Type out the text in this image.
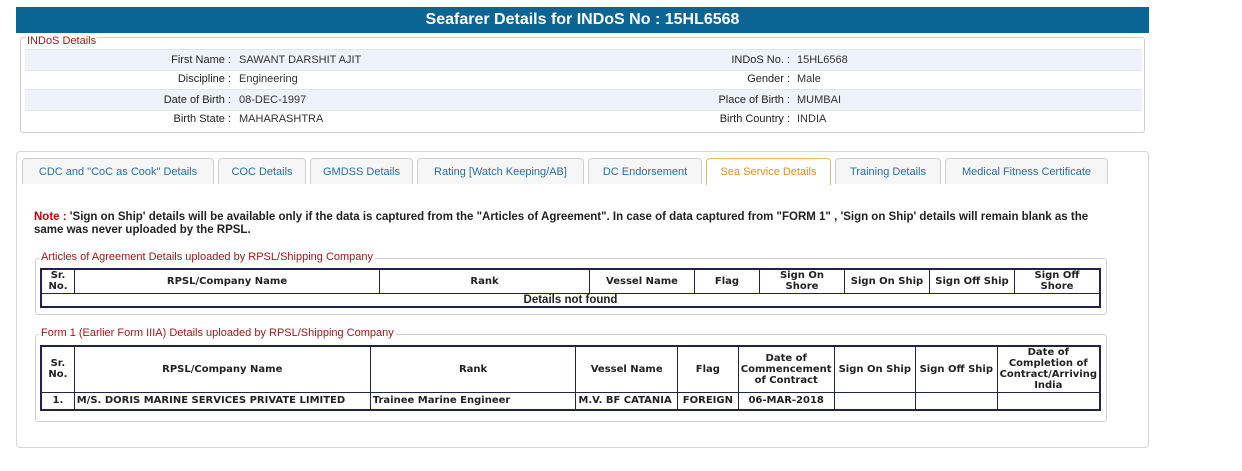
Seafarer Details for INDoS No : 15HL6568
INDoS Details
First Name : SAWANT DARSHIT AJIT	INDoS No. : 15HL6568
Discipline : Engineering	Gender : Male
Date of Birth : 08-DEC-1997	Place of Birth : MUMBAI
Birth State : MAHARASHTRA	Birth Country : INDIA
CDC and "CoC as Cook" Details	COC Details	GMDSS Details	Rating [Watch Keeping/AB]	DC Endorsement	Sea Service Details	Training Details	Medical Fitness Certificate
Note : 'Sign on Ship' details will be available only if the data is captured from the "Articles of Agreement". In case of data captured from "FORM 1" , 'Sign on Ship' details will remain blank as the same was never uploaded by the RPSL.
Articles of Agreement Details uploaded by RPSL/Shipping Company
Sr. No.	RPSL/Company Name	Rank	Vessel Name	Flag	Sign On Shore	Sign On Ship	Sign Off Ship	Sign Off Shore
Details not found
Form 1 (Earlier Form IIIA) Details uploaded by RPSL/Shipping Company
Sr. No.	RPSL/Company Name	Rank	Vessel Name	Flag	Date of Commencement of Contract	Sign On Ship	Sign Off Ship	Date of Completion of Contract/Arriving India
1.	M/S. DORIS MARINE SERVICES PRIVATE LIMITED	Trainee Marine Engineer	M.V. BF CATANIA	FOREIGN	06-MAR-2018			
